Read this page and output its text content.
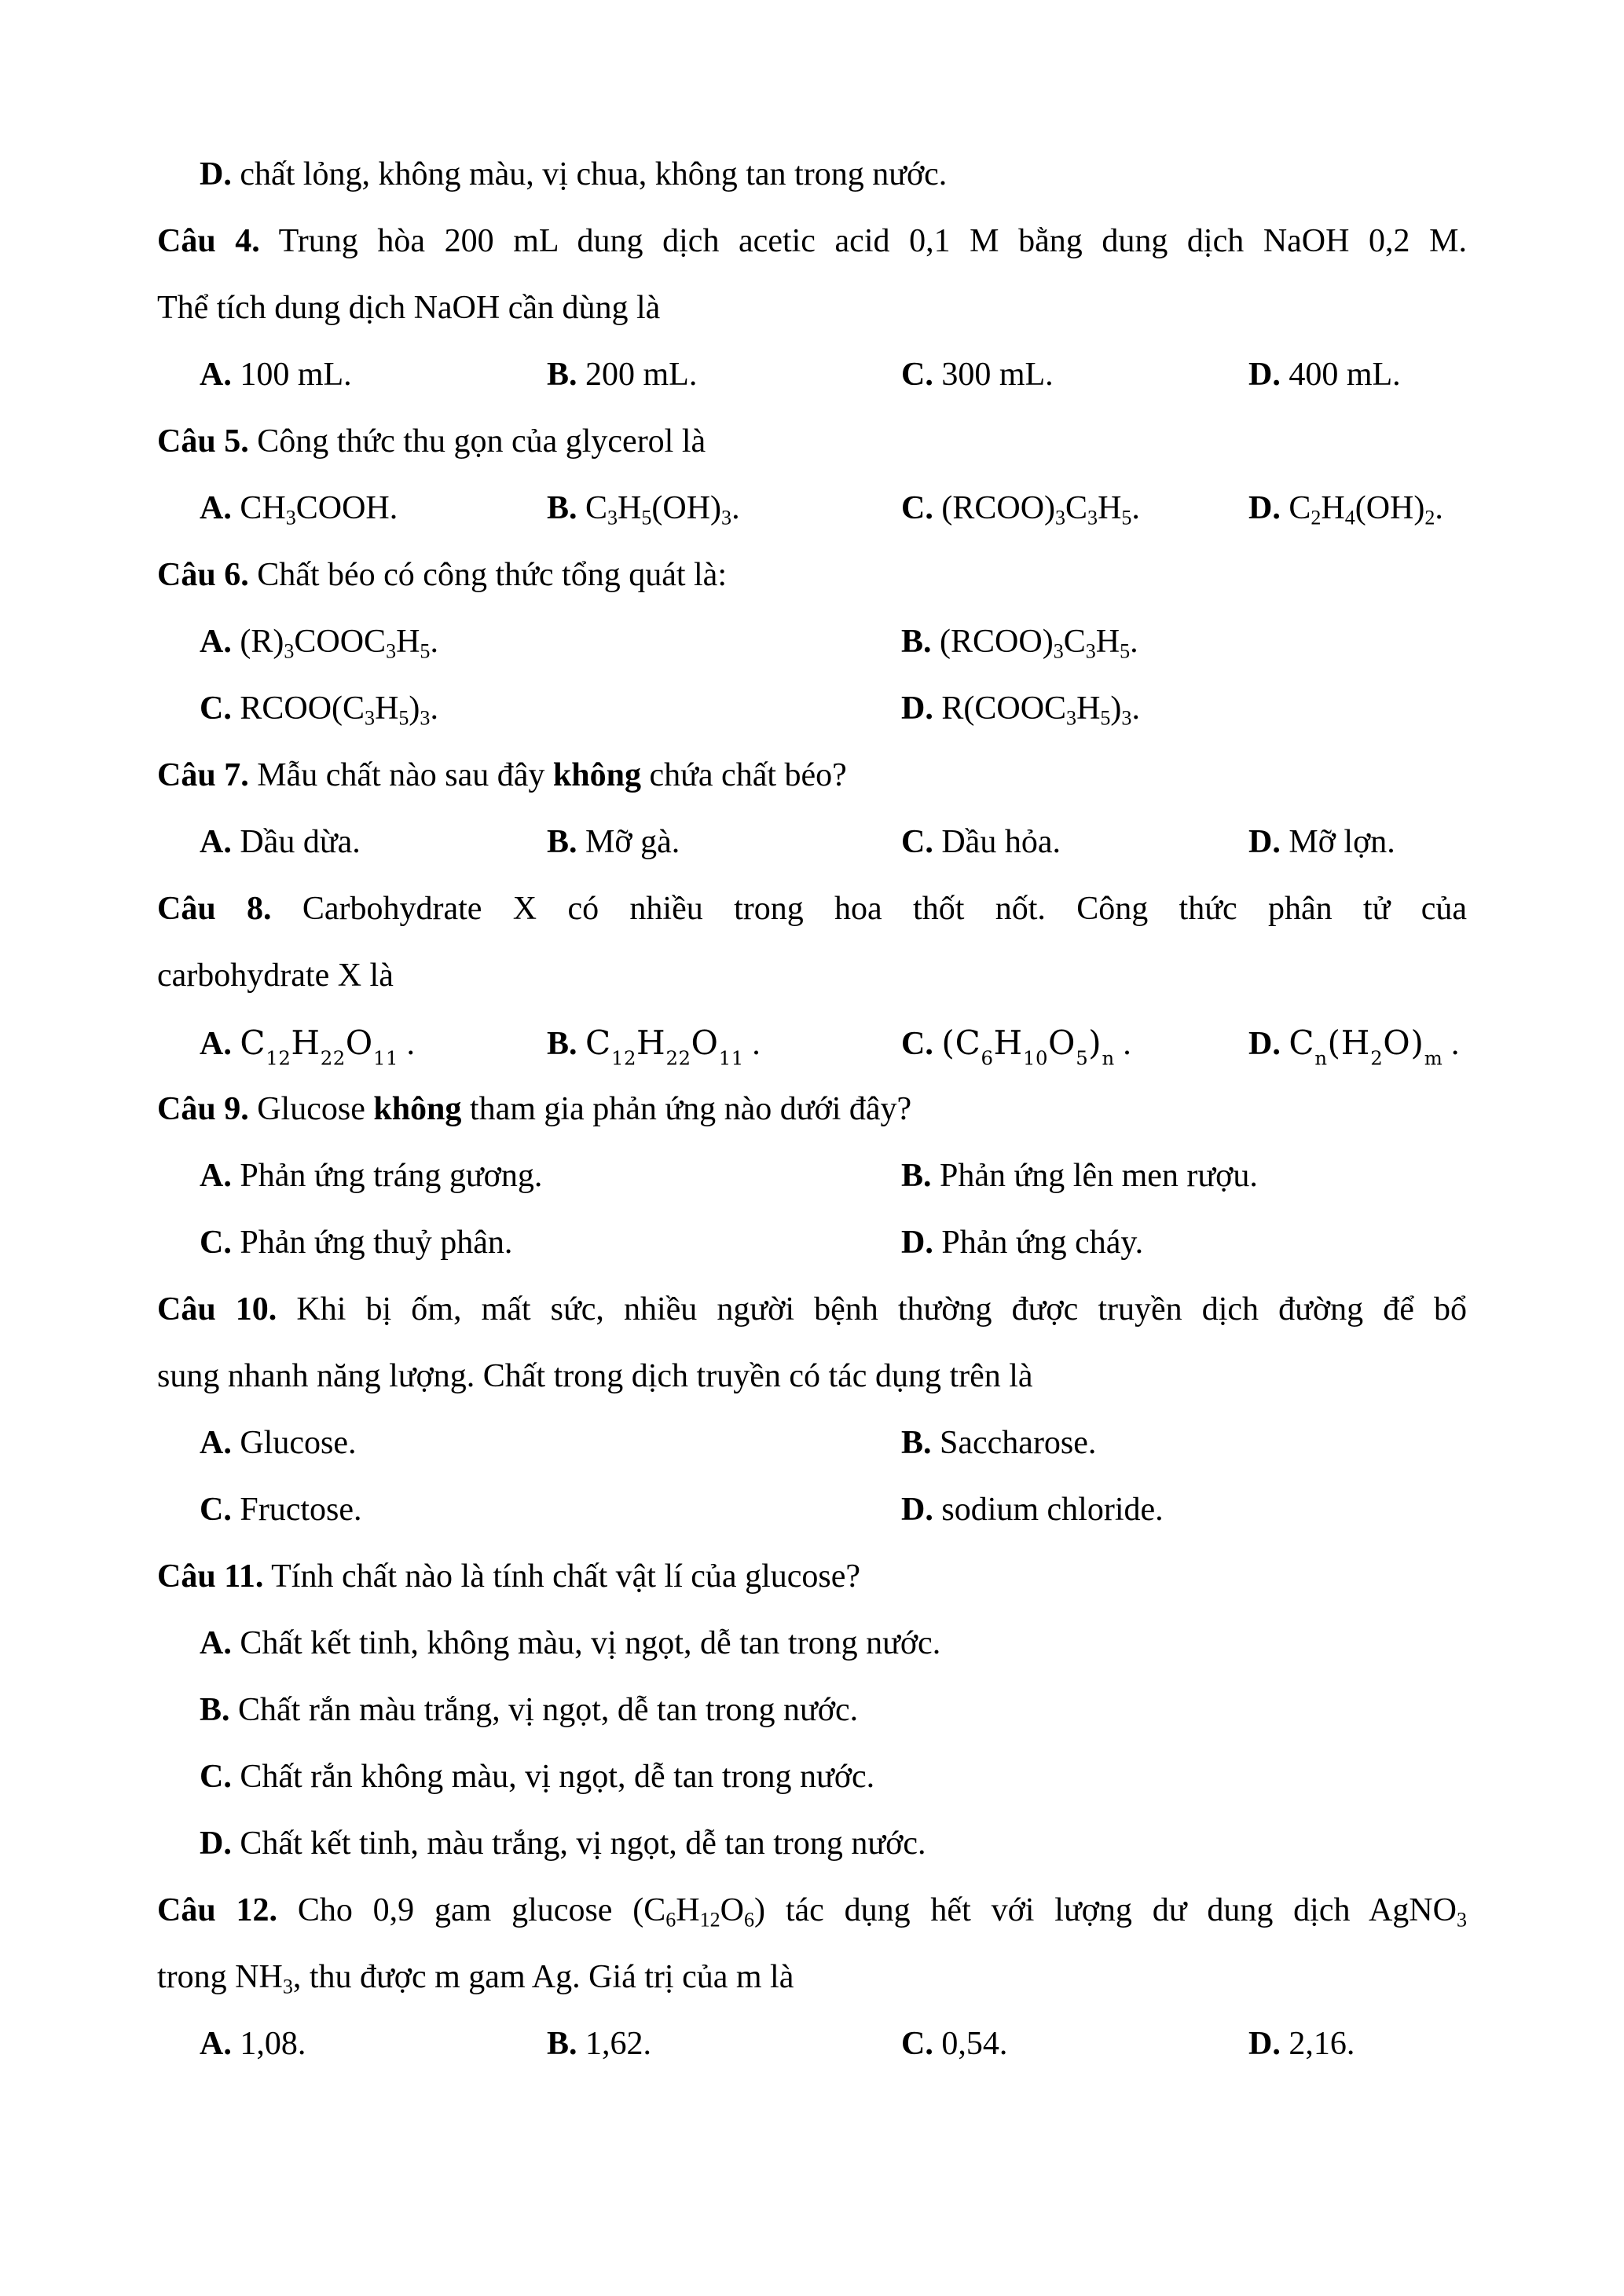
D. chất lỏng, không màu, vị chua, không tan trong nước.
Câu 4. Trung hòa 200 mL dung dịch acetic acid 0,1 M bằng dung dịch NaOH 0,2 M.
Thể tích dung dịch NaOH cần dùng là
A. 100 mL.	B. 200 mL.	C. 300 mL.	D. 400 mL.
Câu 5. Công thức thu gọn của glycerol là
A. $CH_3COOH$.	B. $C_3H_5(OH)_3$.	C. $(RCOO)_3C_3H_5$.	D. $C_2H_4(OH)_2$.
Câu 6. Chất béo có công thức tổng quát là:
A. $(R)_3COOC_3H_5$.	B. $(RCOO)_3C_3H_5$.
C. $RCOO(C_3H_5)_3$.	D. $R(COOC_3H_5)_3$.
Câu 7. Mẫu chất nào sau đây không chứa chất béo?
A. Dầu dừa.	B. Mỡ gà.	C. Dầu hỏa.	D. Mỡ lợn.
Câu 8. Carbohydrate X có nhiều trong hoa thốt nốt. Công thức phân tử của
carbohydrate X là
A. $C_{12}H_{22}O_{11}$ .	B. $C_{12}H_{22}O_{11}$ .	C. $(C_6H_{10}O_5)_n$ .	D. $C_n(H_2O)_m$ .
Câu 9. Glucose không tham gia phản ứng nào dưới đây?
A. Phản ứng tráng gương.	B. Phản ứng lên men rượu.
C. Phản ứng thuỷ phân.	D. Phản ứng cháy.
Câu 10. Khi bị ốm, mất sức, nhiều người bệnh thường được truyền dịch đường để bổ
sung nhanh năng lượng. Chất trong dịch truyền có tác dụng trên là
A. Glucose.	B. Saccharose.
C. Fructose.	D. sodium chloride.
Câu 11. Tính chất nào là tính chất vật lí của glucose?
A. Chất kết tinh, không màu, vị ngọt, dễ tan trong nước.
B. Chất rắn màu trắng, vị ngọt, dễ tan trong nước.
C. Chất rắn không màu, vị ngọt, dễ tan trong nước.
D. Chất kết tinh, màu trắng, vị ngọt, dễ tan trong nước.
Câu 12. Cho 0,9 gam glucose $(C_6H_{12}O_6)$ tác dụng hết với lượng dư dung dịch AgNO$_3$
trong $NH_3$, thu được m gam Ag. Giá trị của m là
A. 1,08.	B. 1,62.	C. 0,54.	D. 2,16.
